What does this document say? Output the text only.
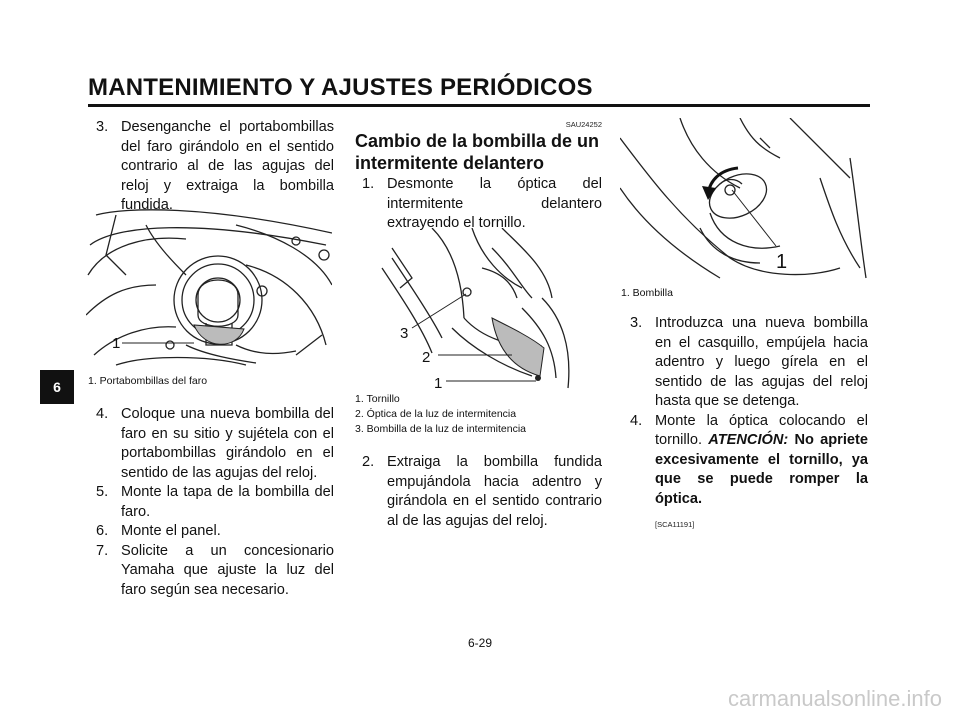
MANTENIMIENTO Y AJUSTES PERIÓDICOS
6
3. Desenganche el portabombillas del faro girándolo en el sentido contrario al de las agujas del reloj y extraiga la bombilla fundida.
1
1. Portabombillas del faro
4. Coloque una nueva bombilla del faro en su sitio y sujétela con el portabombillas girándolo en el sentido de las agujas del reloj.
5. Monte la tapa de la bombilla del faro.
6. Monte el panel.
7. Solicite a un concesionario Yamaha que ajuste la luz del faro según sea necesario.
SAU24252
Cambio de la bombilla de un intermitente delantero
1. Desmonte la óptica del intermitente delantero extrayendo el tornillo.
3
2
1
1. Tornillo
2. Óptica de la luz de intermitencia
3. Bombilla de la luz de intermitencia
2. Extraiga la bombilla fundida empujándola hacia adentro y girándola en el sentido contrario al de las agujas del reloj.
1
1. Bombilla
3. Introduzca una nueva bombilla en el casquillo, empújela hacia adentro y luego gírela en el sentido de las agujas del reloj hasta que se detenga.
4. Monte la óptica colocando el tornillo. ATENCIÓN: No apriete excesivamente el tornillo, ya que se puede romper la óptica.
[SCA11191]
6-29
carmanualsonline.info
